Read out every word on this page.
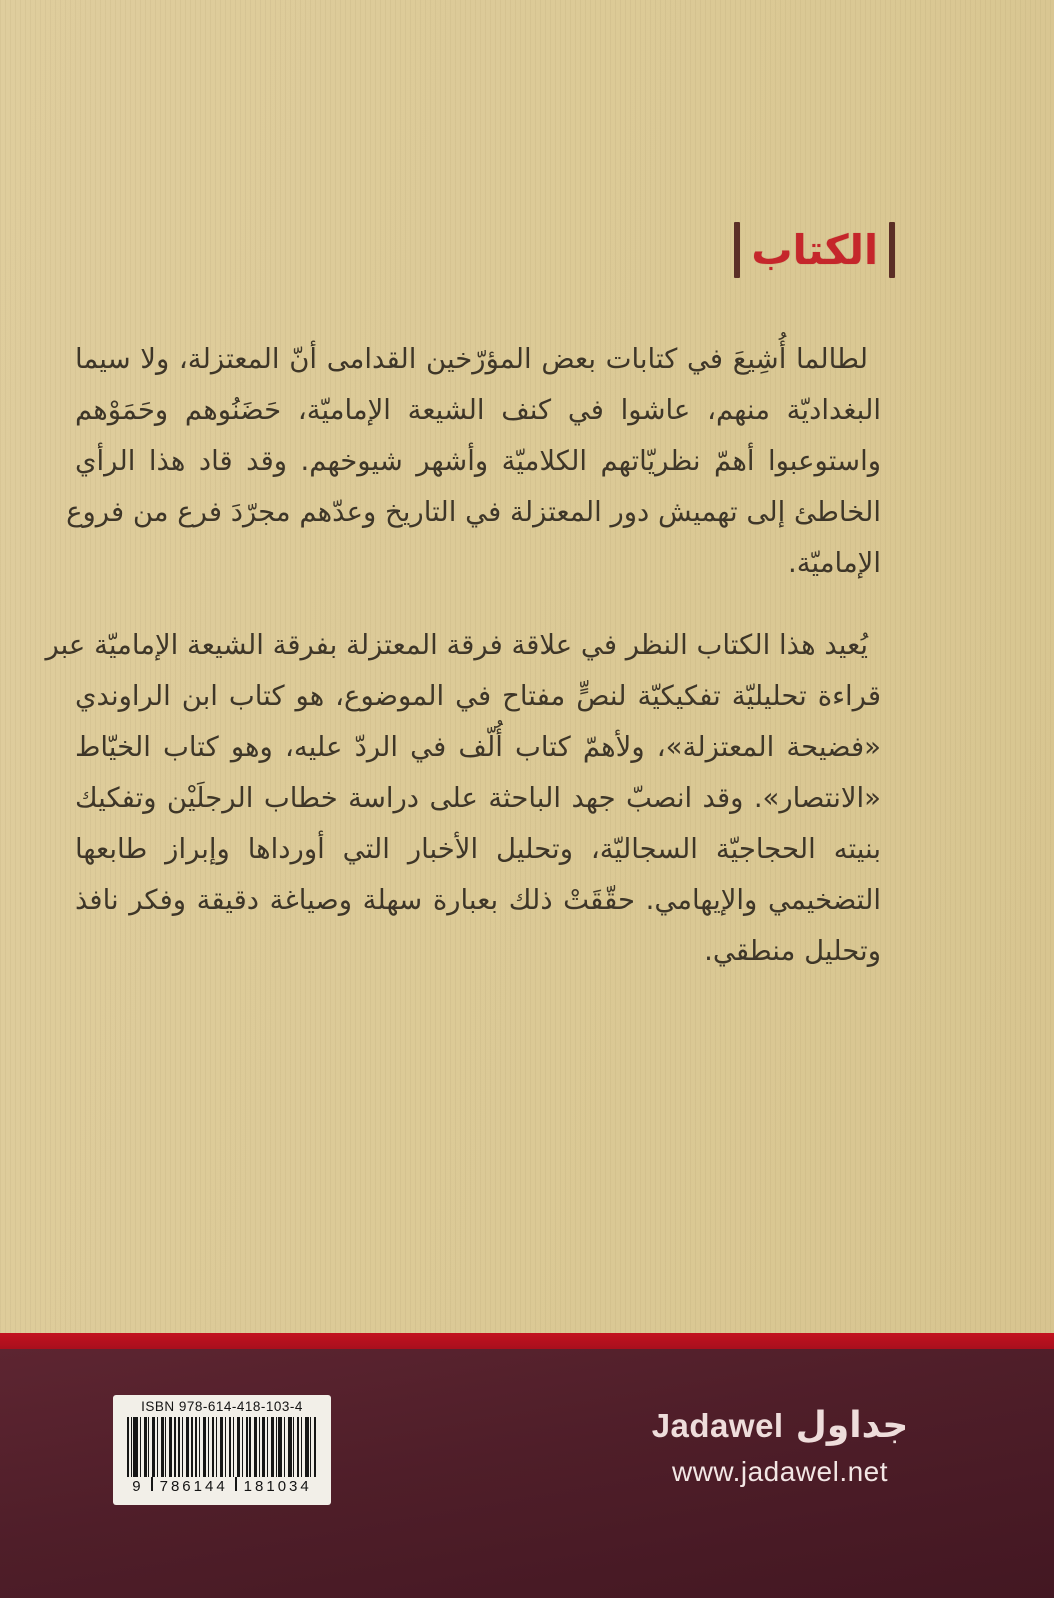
الكتاب
لطالما أُشِيعَ في كتابات بعض المؤرّخين القدامى أنّ المعتزلة، ولا سيما
البغداديّة منهم، عاشوا في كنف الشيعة الإماميّة، حَضَنُوهم وحَمَوْهم
واستوعبوا أهمّ نظريّاتهم الكلاميّة وأشهر شيوخهم. وقد قاد هذا الرأي
الخاطئ إلى تهميش دور المعتزلة في التاريخ وعدّهم مجرّدَ فرع من فروع
الإماميّة.
يُعيد هذا الكتاب النظر في علاقة فرقة المعتزلة بفرقة الشيعة الإماميّة عبر
قراءة تحليليّة تفكيكيّة لنصٍّ مفتاح في الموضوع، هو كتاب ابن الراوندي
«فضيحة المعتزلة»، ولأهمّ كتاب أُلّف في الردّ عليه، وهو كتاب الخيّاط
«الانتصار». وقد انصبّ جهد الباحثة على دراسة خطاب الرجلَيْن وتفكيك
بنيته الحجاجيّة السجاليّة، وتحليل الأخبار التي أورداها وإبراز طابعها
التضخيمي والإيهامي. حقّقَتْ ذلك بعبارة سهلة وصياغة دقيقة وفكر نافذ
وتحليل منطقي.
ISBN 978-614-418-103-4
9 786144 181034
Jadawel جداول
www.jadawel.net
